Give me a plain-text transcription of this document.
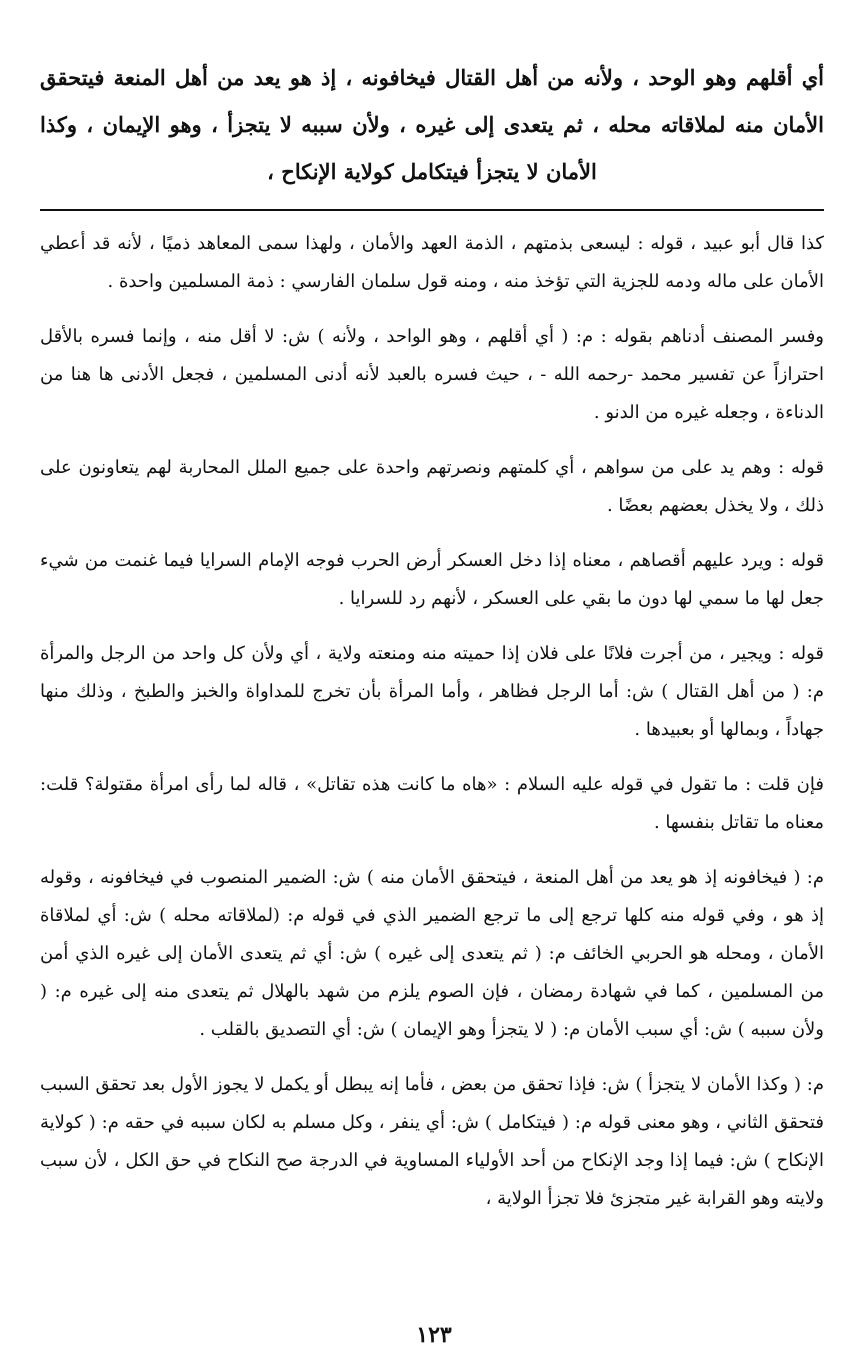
أي أقلهم وهو الوحد ، ولأنه من أهل القتال فيخافونه ، إذ هو يعد من أهل المنعة فيتحقق الأمان منه لملاقاته محله ، ثم يتعدى إلى غيره ، ولأن سببه لا يتجزأ ، وهو الإيمان ، وكذا الأمان لا يتجزأ فيتكامل كولاية الإنكاح ،

كذا قال أبو عبيد ، قوله : ليسعى بذمتهم ، الذمة العهد والأمان ، ولهذا سمى المعاهد ذميًا ، لأنه قد أعطي الأمان على ماله ودمه للجزية التي تؤخذ منه ، ومنه قول سلمان الفارسي : ذمة المسلمين واحدة .

وفسر المصنف أدناهم بقوله : م: ( أي أقلهم ، وهو الواحد ، ولأنه ) ش: لا أقل منه ، وإنما فسره بالأقل احترازاً عن تفسير محمد -رحمه الله - ، حيث فسره بالعبد لأنه أدنى المسلمين ، فجعل الأدنى ها هنا من الدناءة ، وجعله غيره من الدنو .

قوله : وهم يد على من سواهم ، أي كلمتهم ونصرتهم واحدة على جميع الملل المحاربة لهم يتعاونون على ذلك ، ولا يخذل بعضهم بعضًا .

قوله : ويرد عليهم أقصاهم ، معناه إذا دخل العسكر أرض الحرب فوجه الإمام السرايا فيما غنمت من شيء جعل لها ما سمي لها دون ما بقي على العسكر ، لأنهم رد للسرايا .

قوله : ويجير ، من أجرت فلانًا على فلان إذا حميته منه ومنعته ولاية ، أي ولأن كل واحد من الرجل والمرأة م: ( من أهل القتال ) ش: أما الرجل فظاهر ، وأما المرأة بأن تخرج للمداواة والخبز والطبخ ، وذلك منها جهاداً ، وبمالها أو بعبيدها .

فإن قلت : ما تقول في قوله عليه السلام : «هاه ما كانت هذه تقاتل» ، قاله لما رأى امرأة مقتولة؟ قلت: معناه ما تقاتل بنفسها .

م: ( فيخافونه إذ هو يعد من أهل المنعة ، فيتحقق الأمان منه ) ش: الضمير المنصوب في فيخافونه ، وقوله إذ هو ، وفي قوله منه كلها ترجع إلى ما ترجع الضمير الذي في قوله م: (لملاقاته محله ) ش: أي لملاقاة الأمان ، ومحله هو الحربي الخائف م: ( ثم يتعدى إلى غيره ) ش: أي ثم يتعدى الأمان إلى غيره الذي أمن من المسلمين ، كما في شهادة رمضان ، فإن الصوم يلزم من شهد بالهلال ثم يتعدى منه إلى غيره م: ( ولأن سببه ) ش: أي سبب الأمان م: ( لا يتجزأ وهو الإيمان ) ش: أي التصديق بالقلب .

م: ( وكذا الأمان لا يتجزأ ) ش: فإذا تحقق من بعض ، فأما إنه يبطل أو يكمل لا يجوز الأول بعد تحقق السبب فتحقق الثاني ، وهو معنى قوله م: ( فيتكامل ) ش: أي ينفر ، وكل مسلم به لكان سببه في حقه م: ( كولاية الإنكاح ) ش: فيما إذا وجد الإنكاح من أحد الأولياء المساوية في الدرجة صح النكاح في حق الكل ، لأن سبب ولايته وهو القرابة غير متجزئ فلا تجزأ الولاية ،

١٢٣
